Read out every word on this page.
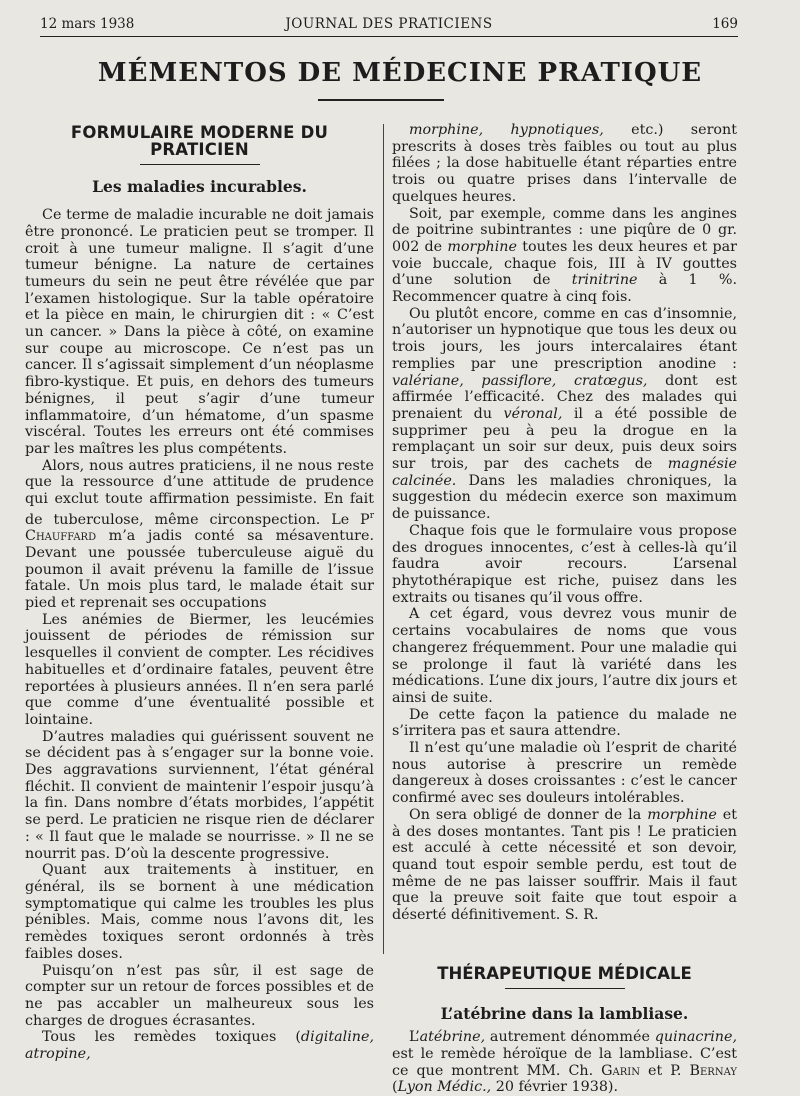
12 mars 1938	JOURNAL DES PRATICIENS	169
MÉMENTOS DE MÉDECINE PRATIQUE
FORMULAIRE MODERNE DU PRATICIEN
Les maladies incurables.

Ce terme de maladie incurable ne doit jamais être prononcé. Le praticien peut se tromper. Il croit à une tumeur maligne. Il s’agit d’une tumeur bénigne. La nature de certaines tumeurs du sein ne peut être révélée que par l’examen histologique. Sur la table opératoire et la pièce en main, le chirurgien dit : « C’est un cancer. » Dans la pièce à côté, on examine sur coupe au microscope. Ce n’est pas un cancer. Il s’agissait simplement d’un néoplasme fibro-kystique. Et puis, en dehors des tumeurs bénignes, il peut s’agir d’une tumeur inflammatoire, d’un hématome, d’un spasme viscéral. Toutes les erreurs ont été commises par les maîtres les plus compétents.

Alors, nous autres praticiens, il ne nous reste que la ressource d’une attitude de prudence qui exclut toute affirmation pessimiste. En fait de tuberculose, même circonspection. Le $P^r$ Chauffard m’a jadis conté sa mésaventure. Devant une poussée tuberculeuse aiguë du poumon il avait prévenu la famille de l’issue fatale. Un mois plus tard, le malade était sur pied et reprenait ses occupations

Les anémies de Biermer, les leucémies jouissent de périodes de rémission sur lesquelles il convient de compter. Les récidives habituelles et d’ordinaire fatales, peuvent être reportées à plusieurs années. Il n’en sera parlé que comme d’une éventualité possible et lointaine.

D’autres maladies qui guérissent souvent ne se décident pas à s’engager sur la bonne voie. Des aggravations surviennent, l’état général fléchit. Il convient de maintenir l’espoir jusqu’à la fin. Dans nombre d’états morbides, l’appétit se perd. Le praticien ne risque rien de déclarer : « Il faut que le malade se nourrisse. » Il ne se nourrit pas. D’où la descente progressive.

Quant aux traitements à instituer, en général, ils se bornent à une médication symptomatique qui calme les troubles les plus pénibles. Mais, comme nous l’avons dit, les remèdes toxiques seront ordonnés à très faibles doses.

Puisqu’on n’est pas sûr, il est sage de compter sur un retour de forces possibles et de ne pas accabler un malheureux sous les charges de drogues écrasantes.

Tous les remèdes toxiques (digitaline, atropine,

morphine, hypnotiques, etc.) seront prescrits à doses très faibles ou tout au plus filées ; la dose habituelle étant réparties entre trois ou quatre prises dans l’intervalle de quelques heures.

Soit, par exemple, comme dans les angines de poitrine subintrantes : une piqûre de 0 gr. 002 de morphine toutes les deux heures et par voie buccale, chaque fois, III à IV gouttes d’une solution de trinitrine à 1 %. Recommencer quatre à cinq fois.

Ou plutôt encore, comme en cas d’insomnie, n’autoriser un hypnotique que tous les deux ou trois jours, les jours intercalaires étant remplies par une prescription anodine : valériane, passiflore, cratœgus, dont est affirmée l’efficacité. Chez des malades qui prenaient du véronal, il a été possible de supprimer peu à peu la drogue en la remplaçant un soir sur deux, puis deux soirs sur trois, par des cachets de magnésie calcinée. Dans les maladies chroniques, la suggestion du médecin exerce son maximum de puissance.

Chaque fois que le formulaire vous propose des drogues innocentes, c’est à celles-là qu’il faudra avoir recours. L’arsenal phytothérapique est riche, puisez dans les extraits ou tisanes qu’il vous offre.

A cet égard, vous devrez vous munir de certains vocabulaires de noms que vous changerez fréquemment. Pour une maladie qui se prolonge il faut là variété dans les médications. L’une dix jours, l’autre dix jours et ainsi de suite.

De cette façon la patience du malade ne s’irritera pas et saura attendre.

Il n’est qu’une maladie où l’esprit de charité nous autorise à prescrire un remède dangereux à doses croissantes : c’est le cancer confirmé avec ses douleurs intolérables.

On sera obligé de donner de la morphine et à des doses montantes. Tant pis ! Le praticien est acculé à cette nécessité et son devoir, quand tout espoir semble perdu, est tout de même de ne pas laisser souffrir. Mais il faut que la preuve soit faite que tout espoir a déserté définitivement. S. R.

THÉRAPEUTIQUE MÉDICALE
L’atébrine dans la lambliase.

L’atébrine, autrement dénommée quinacrine, est le remède héroïque de la lambliase. C’est ce que montrent MM. Ch. Garin et P. Bernay (Lyon Médic., 20 février 1938).
